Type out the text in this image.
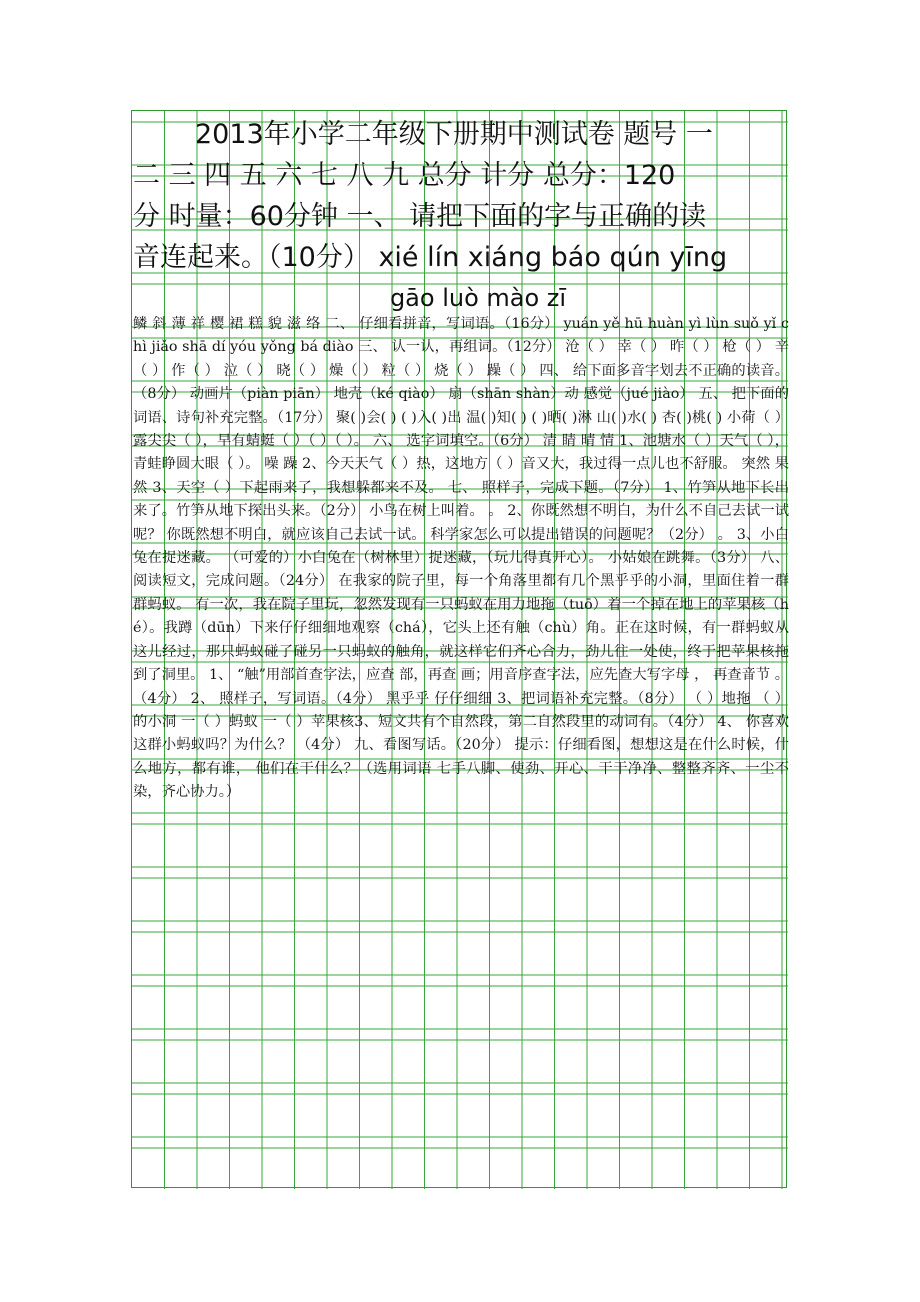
2013年小学二年级下册期中测试卷 题号 一
二 三 四 五 六 七 八 九 总分 计分 总分：120
分 时量：60分钟 一、 请把下面的字与正确的读
音连起来。（10分） xié lín xiáng báo qún yīng
gāo luò mào zī

鳞 斜 薄 祥 樱 裙 糕 貌 滋 络 二、 仔细看拼音，写词语。（16分） yuán yě hū huàn yì lùn suǒ yǐ chì jiǎo shā dí yóu yǒng bá diào 三、 认一认，再组词。（12分） 沧（ ） 幸（ ） 昨（ ） 枪（ ） 辛（ ） 作（ ） 泣（ ） 晓（ ） 燥（ ） 粒（ ） 烧（ ） 躁（ ） 四、 给下面多音字划去不正确的读音。（8分） 动画片（piàn piān） 地壳（ké qiào） 扇（shān shàn）动 感觉（jué jiào） 五、 把下面的词语、诗句补充完整。（17分） 聚( )会( ) ( )入( )出 温( )知( ) ( )晒( )淋 山( )水( ) 杏( )桃( ) 小荷（ ）露尖尖（ ），早有蜻蜓（ ）（ ）（ ）。 六、 选字词填空。（6分） 清 睛 晴 情 1、池塘水（ ）天气（ ），青蛙睁圆大眼（ ）。 噪 躁 2、今天天气（ ）热，这地方（ ）音又大，我过得一点儿也不舒服。 突然 果然 3、天空（ ）下起雨来了，我想躲都来不及。 七、 照样子，完成下题。（7分） 1、竹笋从地下长出来了。竹笋从地下探出头来。（2分） 小鸟在树上叫着。 。 2、你既然想不明白，为什么不自己去试一试呢？ 你既然想不明白，就应该自己去试一试。 科学家怎么可以提出错误的问题呢？（2分） 。 3、小白兔在捉迷藏。 （可爱的）小白兔在（树林里）捉迷藏，（玩儿得真开心）。 小姑娘在跳舞。（3分） 八、阅读短文，完成问题。（24分） 在我家的院子里，每一个角落里都有几个黑乎乎的小洞，里面住着一群群蚂蚁。 有一次，我在院子里玩，忽然发现有一只蚂蚁在用力地拖（tuō）着一个掉在地上的苹果核（hé）。我蹲（dūn）下来仔仔细细地观察（chá），它头上还有触（chù）角。正在这时候，有一群蚂蚁从这儿经过，那只蚂蚁碰了碰另一只蚂蚁的触角，就这样它们齐心合力，劲儿往一处使，终于把苹果核拖到了洞里。 1、 “触”用部首查字法，应查 部，再查 画；用音序查字法，应先查大写字母 ， 再查音节 。（4分） 2、 照样子，写词语。（4分） 黑乎乎 仔仔细细 3、把词语补充完整。（8分） （ ）地拖 （ ）的小洞 一（ ）蚂蚁 一（ ）苹果核3、短文共有个自然段，第二自然段里的动词有。（4分） 4、 你喜欢这群小蚂蚁吗？为什么？ （4分） 九、看图写话。（20分） 提示：仔细看图，想想这是在什么时候，什么地方，都有谁， 他们在干什么？（选用词语 七手八脚、使劲、开心、干干净净、整整齐齐、一尘不染，齐心协力。）
